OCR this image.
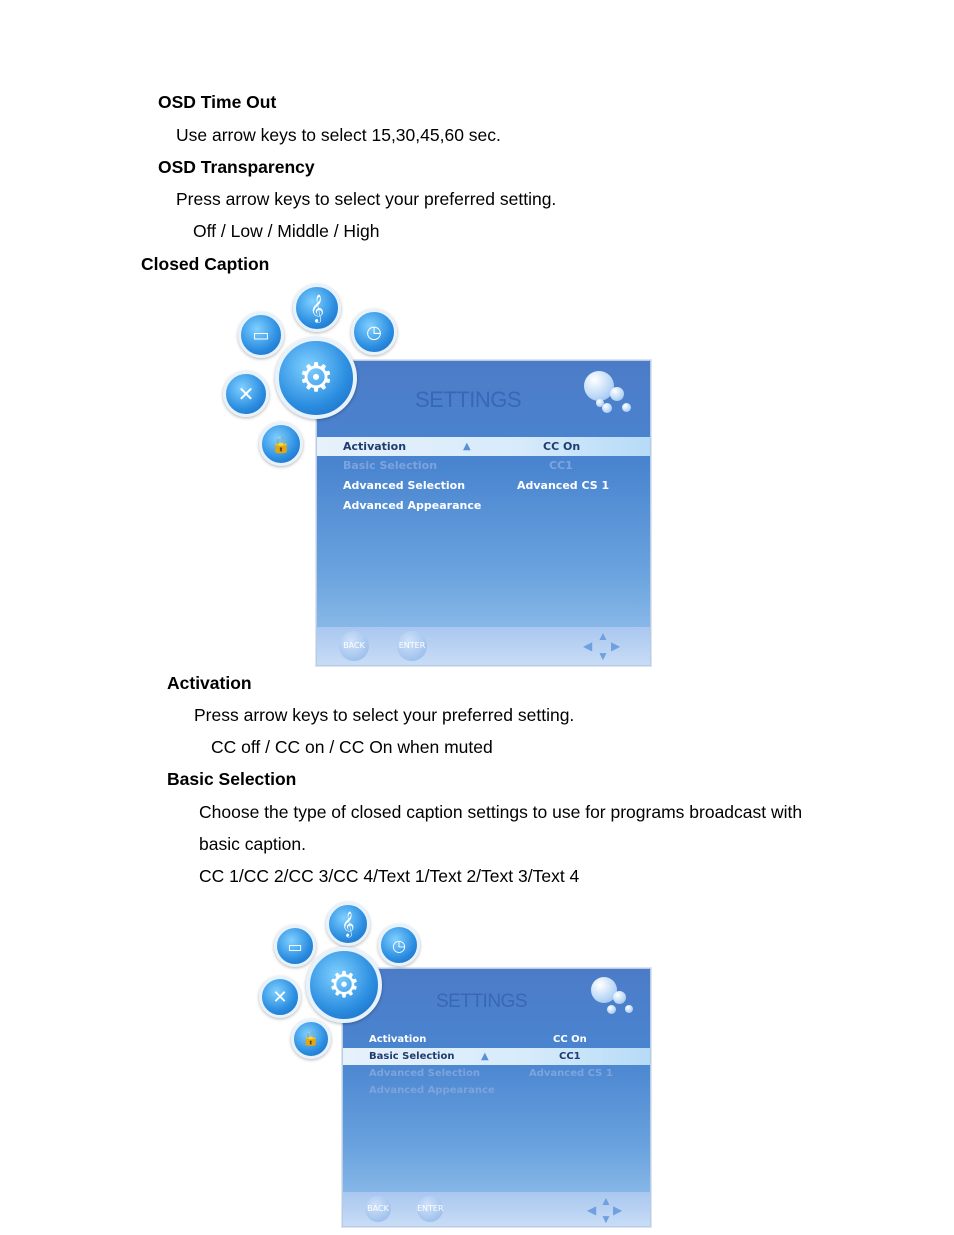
OSD Time Out
Use arrow keys to select 15,30,45,60 sec.
OSD Transparency
Press arrow keys to select your preferred setting.
Off / Low / Middle / High
Closed Caption
SETTINGS
Activation	▲	CC On
Basic Selection	CC1
Advanced Selection	Advanced CS 1
Advanced Appearance
BACK	ENTER
▲
◀ ▶
▼
▭
𝄞
◷
⚙
✕
🔒
Activation
Press arrow keys to select your preferred setting.
CC off / CC on / CC On when muted
Basic Selection
Choose the type of closed caption settings to use for programs broadcast with
basic caption.
CC 1/CC 2/CC 3/CC 4/Text 1/Text 2/Text 3/Text 4
SETTINGS
Activation	CC On
Basic Selection	▲	CC1
Advanced Selection	Advanced CS 1
Advanced Appearance
BACK	ENTER
▲
◀ ▶
▼
▭
𝄞
◷
⚙
✕
🔒
